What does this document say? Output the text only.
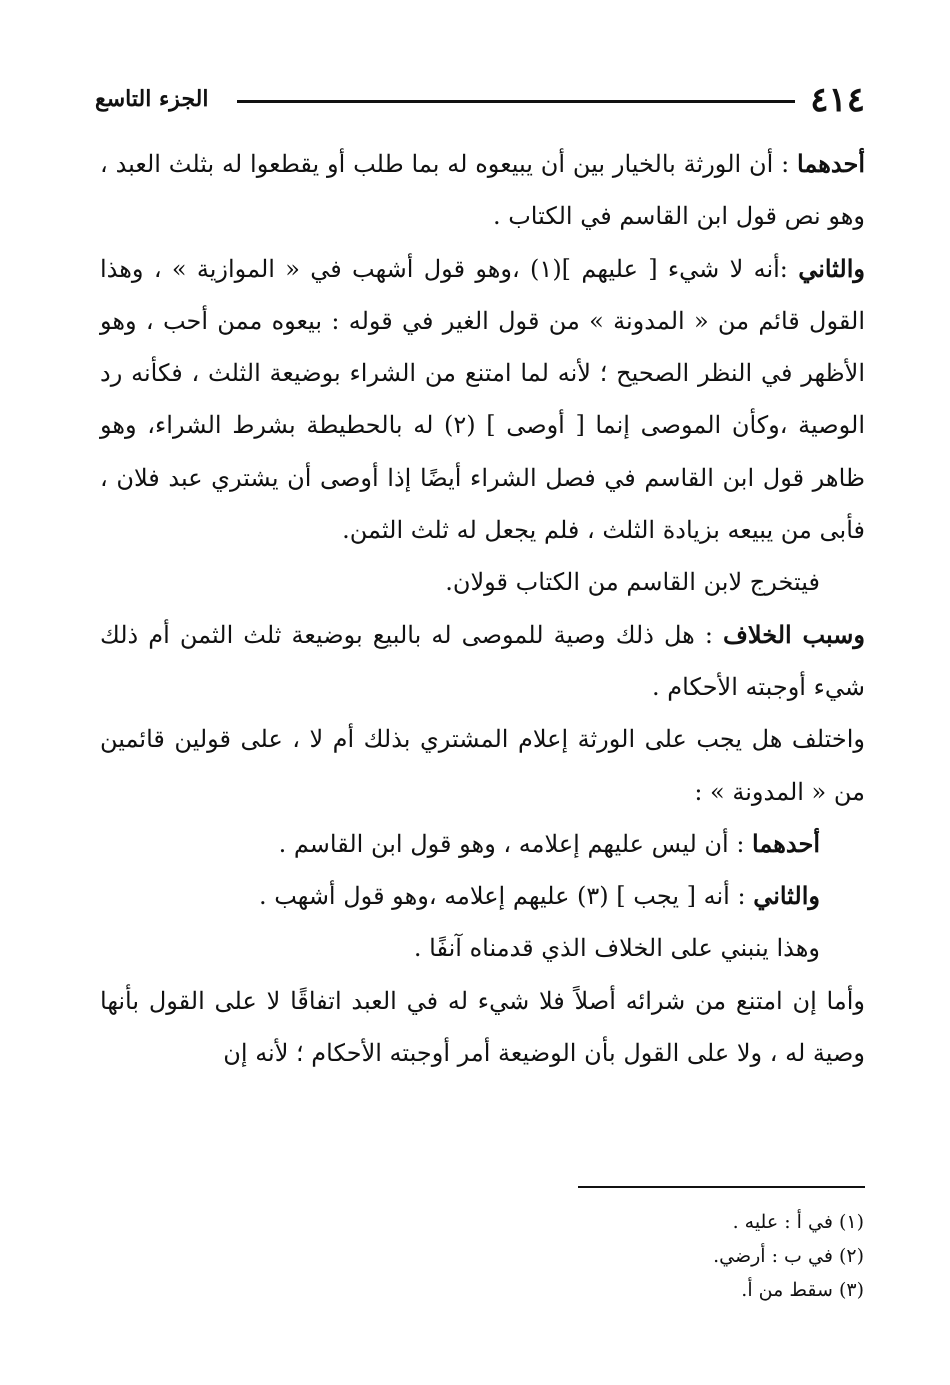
٤١٤
الجزء التاسع

أحدهما : أن الورثة بالخيار بين أن يبيعوه له بما طلب أو يقطعوا له بثلث العبد ، وهو نص قول ابن القاسم في الكتاب .

والثاني :أنه لا شيء [ عليهم ](١) ،وهو قول أشهب في « الموازية » ، وهذا القول قائم من « المدونة » من قول الغير في قوله : بيعوه ممن أحب ، وهو الأظهر في النظر الصحيح ؛ لأنه لما امتنع من الشراء بوضيعة الثلث ، فكأنه رد الوصية ،وكأن الموصى إنما [ أوصى ] (٢) له بالحطيطة بشرط الشراء، وهو ظاهر قول ابن القاسم في فصل الشراء أيضًا إذا أوصى أن يشتري عبد فلان ، فأبى من يبيعه بزيادة الثلث ، فلم يجعل له ثلث الثمن.

فيتخرج لابن القاسم من الكتاب قولان.

وسبب الخلاف : هل ذلك وصية للموصى له بالبيع بوضيعة ثلث الثمن أم ذلك شيء أوجبته الأحكام .

واختلف هل يجب على الورثة إعلام المشتري بذلك أم لا ، على قولين قائمين من « المدونة » :

أحدهما : أن ليس عليهم إعلامه ، وهو قول ابن القاسم .

والثاني : أنه [ يجب ] (٣) عليهم إعلامه ،وهو قول أشهب .

وهذا ينبني على الخلاف الذي قدمناه آنفًا .

وأما إن امتنع من شرائه أصلاً فلا شيء له في العبد اتفاقًا لا على القول بأنها وصية له ، ولا على القول بأن الوضيعة أمر أوجبته الأحكام ؛ لأنه إن

(١) في أ : عليه .

(٢) في ب : أرضي.

(٣) سقط من أ.
